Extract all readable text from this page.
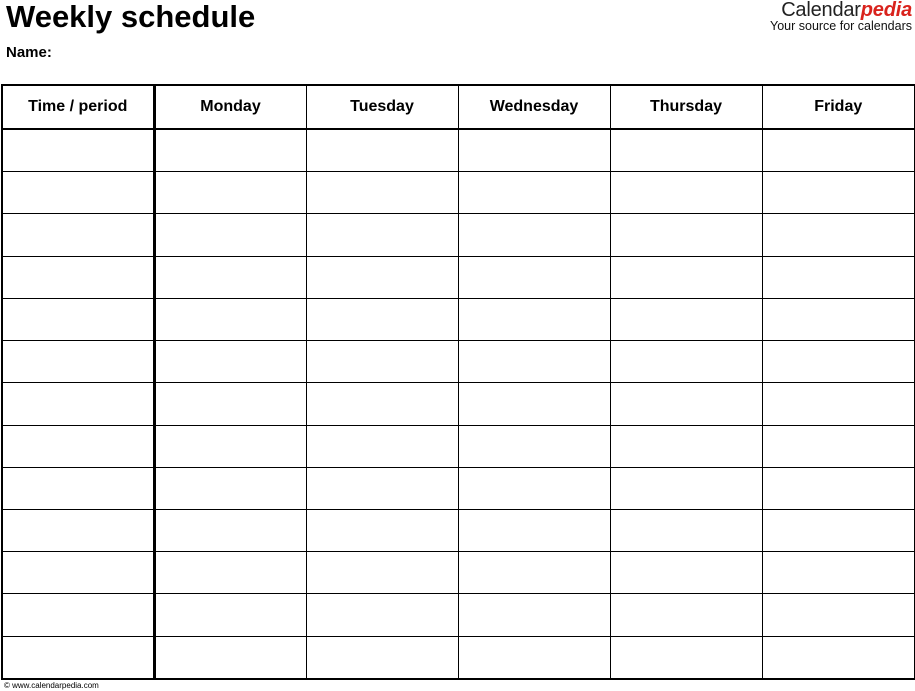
Weekly schedule
Name:
Calendarpedia
Your source for calendars
Time / period	Monday	Tuesday	Wednesday	Thursday	Friday

© www.calendarpedia.com
